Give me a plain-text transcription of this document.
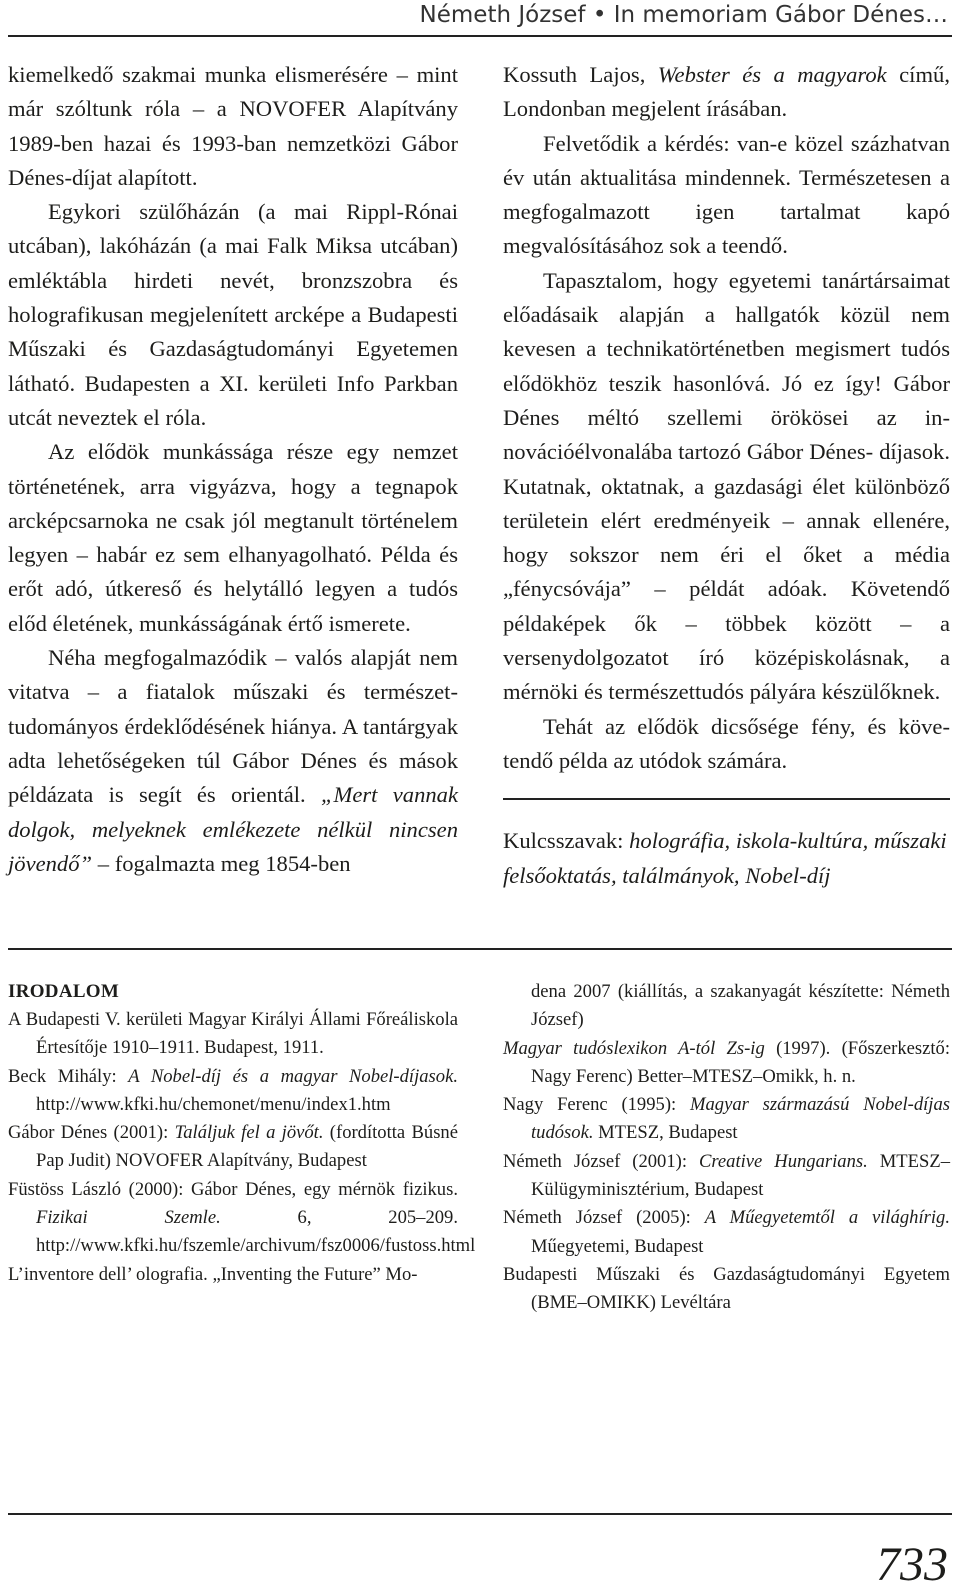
Németh József • In memoriam Gábor Dénes…

kiemelkedő szakmai munka elismerésére – mint már szóltunk róla – a NOVOFER Alapítvány 1989-ben hazai és 1993-ban nemzetközi Gábor Dénes-díjat alapított.

Egykori szülőházán (a mai Rippl-Rónai utcában), lakóházán (a mai Falk Miksa utcában) emléktábla hirdeti nevét, bronzszobra és holografikusan megjelenített arcképe a Budapesti Műszaki és Gazdaságtudományi Egyetemen látható. Budapesten a XI. kerületi Info Parkban utcát neveztek el róla.

Az elődök munkássága része egy nemzet történetének, arra vigyázva, hogy a tegnapok arcképcsarnoka ne csak jól megtanult történelem legyen – habár ez sem elhanyagolható. Példa és erőt adó, útkereső és helytálló legyen a tudós előd életének, munkásságának értő ismerete.

Néha megfogalmazódik – valós alapját nem vitatva – a fiatalok műszaki és természettudományos érdeklődésének hiánya. A tantárgyak adta lehetőségeken túl Gábor Dénes és mások példázata is segít és orientál. „Mert vannak dolgok, melyeknek emlékezete nélkül nincsen jövendő” – fogalmazta meg 1854-ben

Kossuth Lajos, Webster és a magyarok című, Londonban megjelent írásában.

Felvetődik a kérdés: van-e közel százhatvan év után aktualitása mindennek. Természetesen a megfogalmazott igen tartalmat kapó megvalósításához sok a teendő.

Tapasztalom, hogy egyetemi tanártársaimat előadásaik alapján a hallgatók közül nem kevesen a technikatörténetben megismert tudós elődökhöz teszik hasonlóvá. Jó ez így! Gábor Dénes méltó szellemi örökösei az innovációélvonalába tartozó Gábor Dénes- díjasok. Kutatnak, oktatnak, a gazdasági élet különböző területein elért eredményeik – annak ellenére, hogy sokszor nem éri el őket a média „fénycsóvája” – példát adóak. Követendő példaképek ők – többek között – a versenydolgozatot író középiskolásnak, a mérnöki és természettudós pályára készülőknek.

Tehát az elődök dicsősége fény, és követendő példa az utódok számára.

Kulcsszavak: holográfia, iskola-kultúra, műszaki felsőoktatás, találmányok, Nobel-díj

IRODALOM

A Budapesti V. kerületi Magyar Királyi Állami Főreáliskola Értesítője 1910–1911. Budapest, 1911.

Beck Mihály: A Nobel-díj és a magyar Nobel-díjasok. http://www.kfki.hu/chemonet/menu/index1.htm

Gábor Dénes (2001): Találjuk fel a jövőt. (fordította Búsné Pap Judit) NOVOFER Alapítvány, Budapest

Füstöss László (2000): Gábor Dénes, egy mérnök fizikus. Fizikai Szemle. 6, 205–209. http://www.kfki.hu/fszemle/archivum/fsz0006/fustoss.html

L’inventore dell’ olografia. „Inventing the Future” Mo-

dena 2007 (kiállítás, a szakanyagát készítette: Németh József)

Magyar tudóslexikon A-tól Zs-ig (1997). (Főszerkesztő: Nagy Ferenc) Better–MTESZ–Omikk, h. n.

Nagy Ferenc (1995): Magyar származású Nobel-díjas tudósok. MTESZ, Budapest

Németh József (2001): Creative Hungarians. MTESZ–Külügyminisztérium, Budapest

Németh József (2005): A Műegyetemtől a világhírig. Műegyetemi, Budapest

Budapesti Műszaki és Gazdaságtudományi Egyetem (BME–OMIKK) Levéltára

733
